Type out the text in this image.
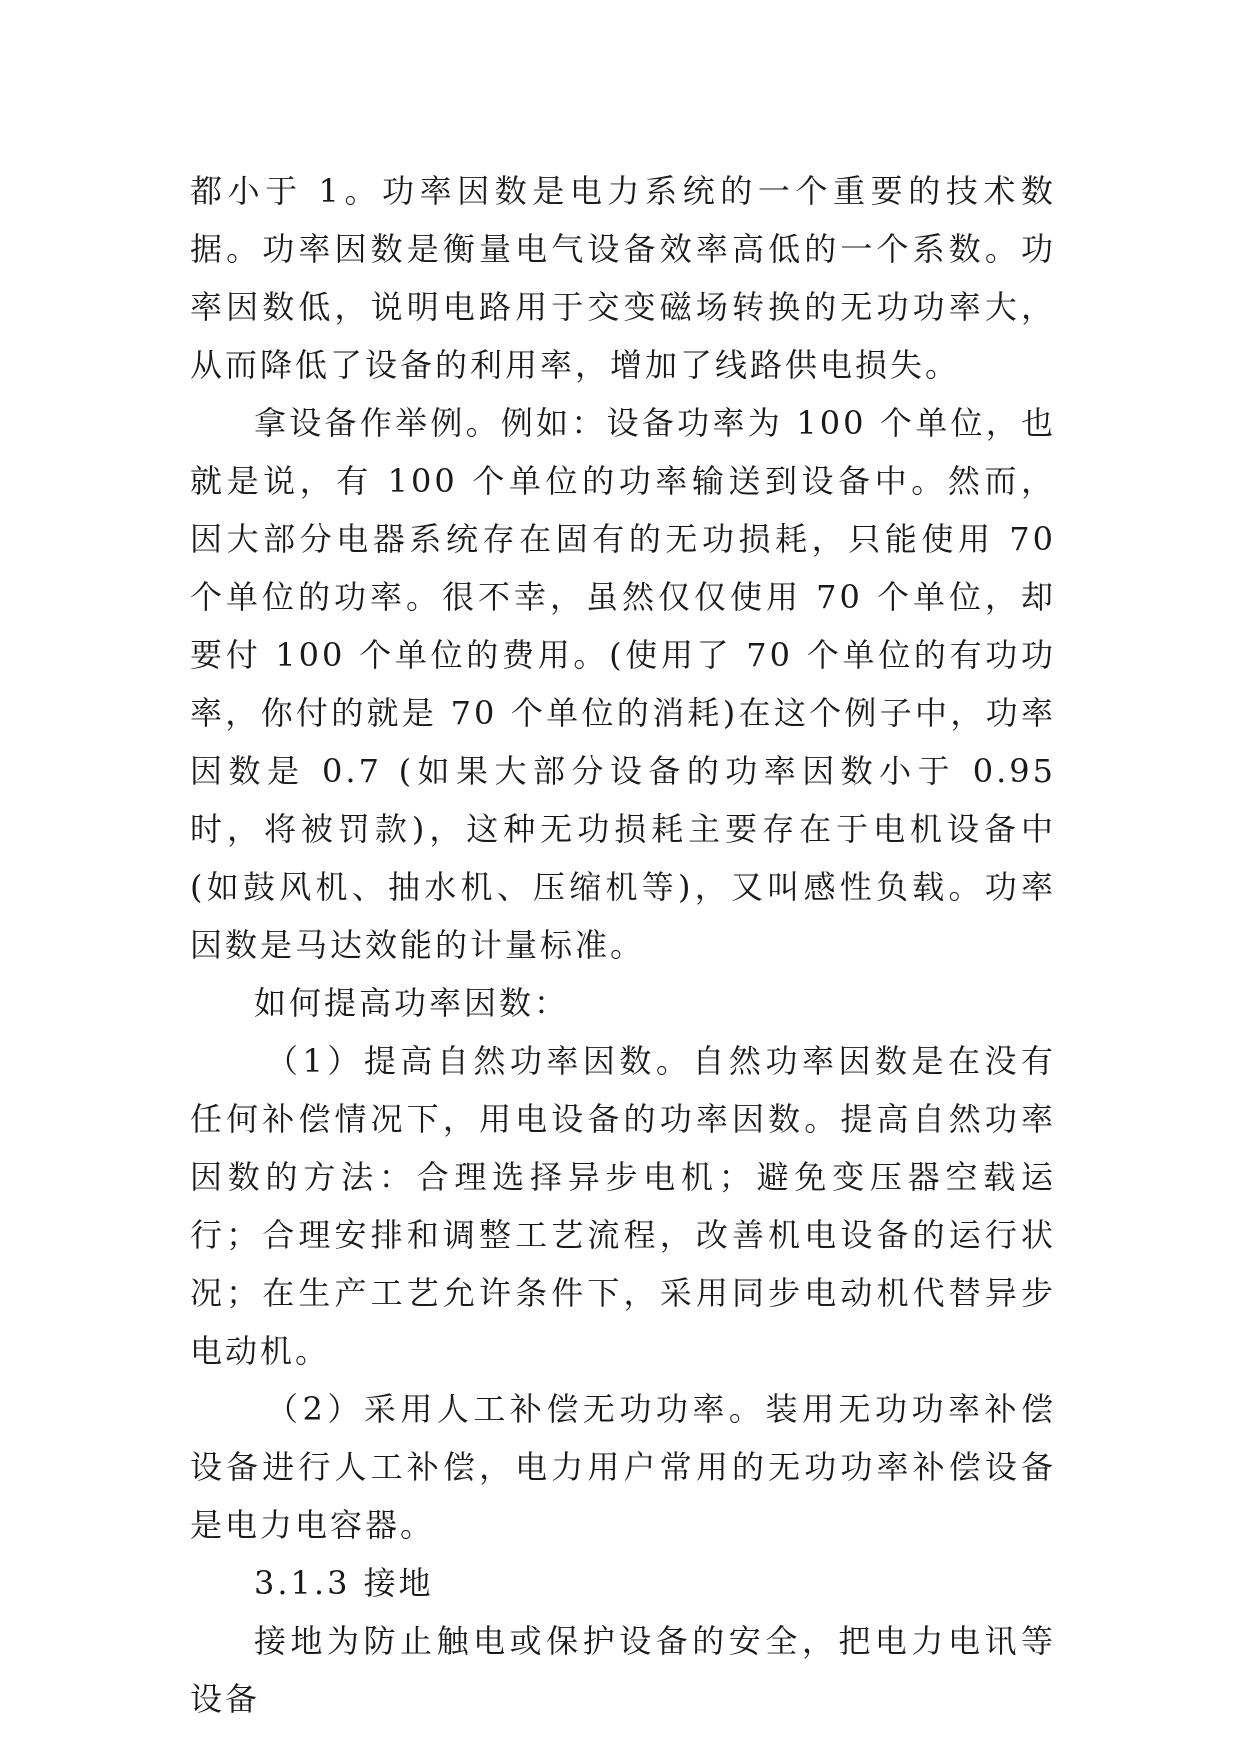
都小于 1。功率因数是电力系统的一个重要的技术数据。功率因数是衡量电气设备效率高低的一个系数。功率因数低，说明电路用于交变磁场转换的无功功率大， 从而降低了设备的利用率，增加了线路供电损失。

拿设备作举例。例如：设备功率为 100 个单位，也就是说，有 100 个单位的功率输送到设备中。然而，因大部分电器系统存在固有的无功损耗，只能使用 70 个单位的功率。很不幸，虽然仅仅使用 70 个单位，却要付 100 个单位的费用。(使用了 70 个单位的有功功率，你付的就是 70 个单位的消耗)在这个例子中，功率因数是 0.7 (如果大部分设备的功率因数小于 0.95 时，将被罚款)，这种无功损耗主要存在于电机设备中(如鼓风机、抽水机、压缩机等)，又叫感性负载。功率因数是马达效能的计量标准。

如何提高功率因数：

（1）提高自然功率因数。自然功率因数是在没有任何补偿情况下，用电设备的功率因数。提高自然功率因数的方法：合理选择异步电机；避免变压器空载运行；合理安排和调整工艺流程，改善机电设备的运行状况；在生产工艺允许条件下，采用同步电动机代替异步电动机。

（2）采用人工补偿无功功率。装用无功功率补偿设备进行人工补偿，电力用户常用的无功功率补偿设备是电力电容器。

3.1.3 接地

接地为防止触电或保护设备的安全，把电力电讯等设备
